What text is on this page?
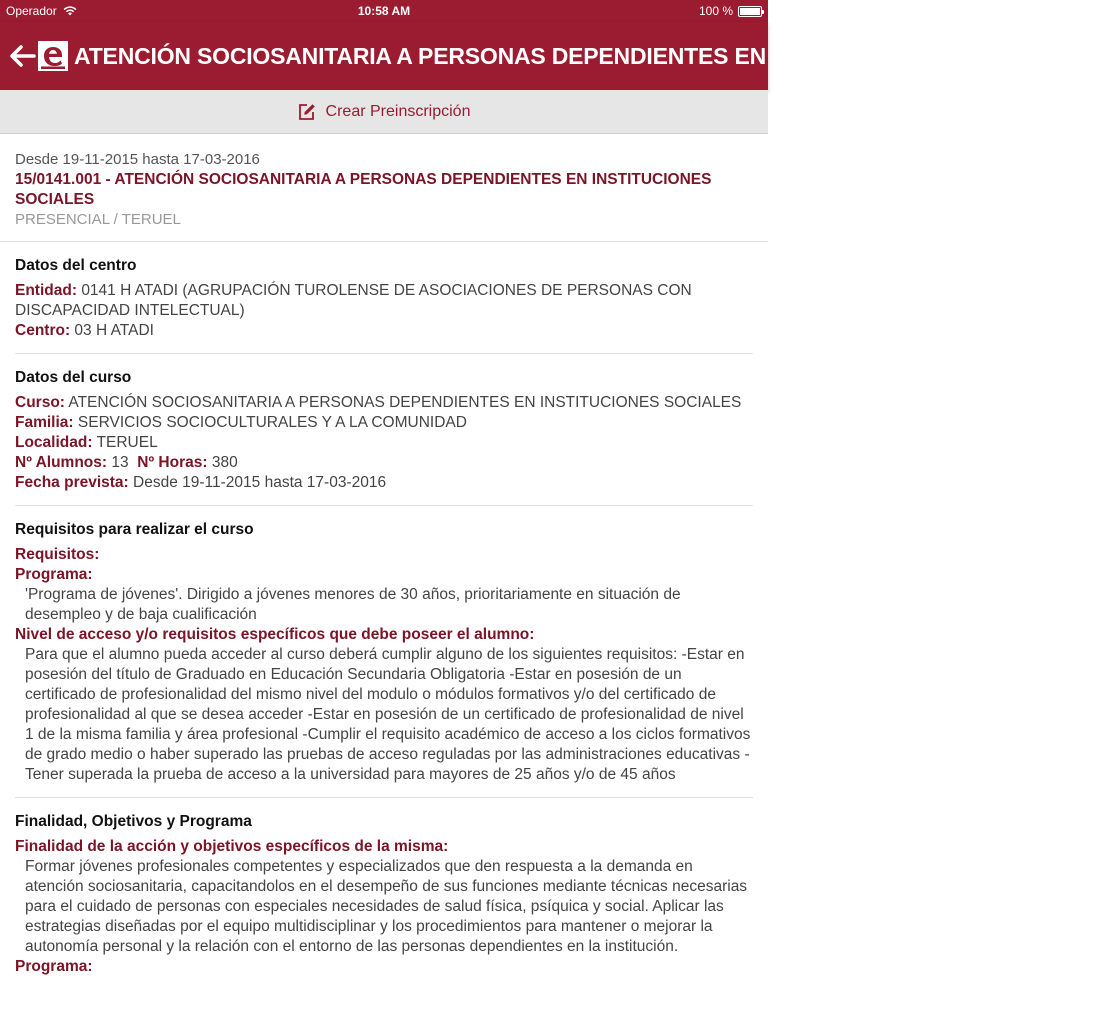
Operador	10:58 AM	100 %
ATENCIÓN SOCIOSANITARIA A PERSONAS DEPENDIENTES EN INSTITUCIONES SOCIALES
Crear Preinscripción
Desde 19-11-2015 hasta 17-03-2016
15/0141.001 - ATENCIÓN SOCIOSANITARIA A PERSONAS DEPENDIENTES EN INSTITUCIONES SOCIALES
PRESENCIAL / TERUEL
Datos del centro
Entidad: 0141 H ATADI (AGRUPACIÓN TUROLENSE DE ASOCIACIONES DE PERSONAS CON DISCAPACIDAD INTELECTUAL)
Centro: 03 H ATADI
Datos del curso
Curso: ATENCIÓN SOCIOSANITARIA A PERSONAS DEPENDIENTES EN INSTITUCIONES SOCIALES
Familia: SERVICIOS SOCIOCULTURALES Y A LA COMUNIDAD
Localidad: TERUEL
Nº Alumnos: 13 Nº Horas: 380
Fecha prevista: Desde 19-11-2015 hasta 17-03-2016
Requisitos para realizar el curso
Requisitos:
Programa:
'Programa de jóvenes'. Dirigido a jóvenes menores de 30 años, prioritariamente en situación de desempleo y de baja cualificación
Nivel de acceso y/o requisitos específicos que debe poseer el alumno:
Para que el alumno pueda acceder al curso deberá cumplir alguno de los siguientes requisitos: -Estar en posesión del título de Graduado en Educación Secundaria Obligatoria -Estar en posesión de un certificado de profesionalidad del mismo nivel del modulo o módulos formativos y/o del certificado de profesionalidad al que se desea acceder -Estar en posesión de un certificado de profesionalidad de nivel 1 de la misma familia y área profesional -Cumplir el requisito académico de acceso a los ciclos formativos de grado medio o haber superado las pruebas de acceso reguladas por las administraciones educativas -Tener superada la prueba de acceso a la universidad para mayores de 25 años y/o de 45 años
Finalidad, Objetivos y Programa
Finalidad de la acción y objetivos específicos de la misma:
Formar jóvenes profesionales competentes y especializados que den respuesta a la demanda en atención sociosanitaria, capacitandolos en el desempeño de sus funciones mediante técnicas necesarias para el cuidado de personas con especiales necesidades de salud física, psíquica y social. Aplicar las estrategias diseñadas por el equipo multidisciplinar y los procedimientos para mantener o mejorar la autonomía personal y la relación con el entorno de las personas dependientes en la institución.
Programa:
